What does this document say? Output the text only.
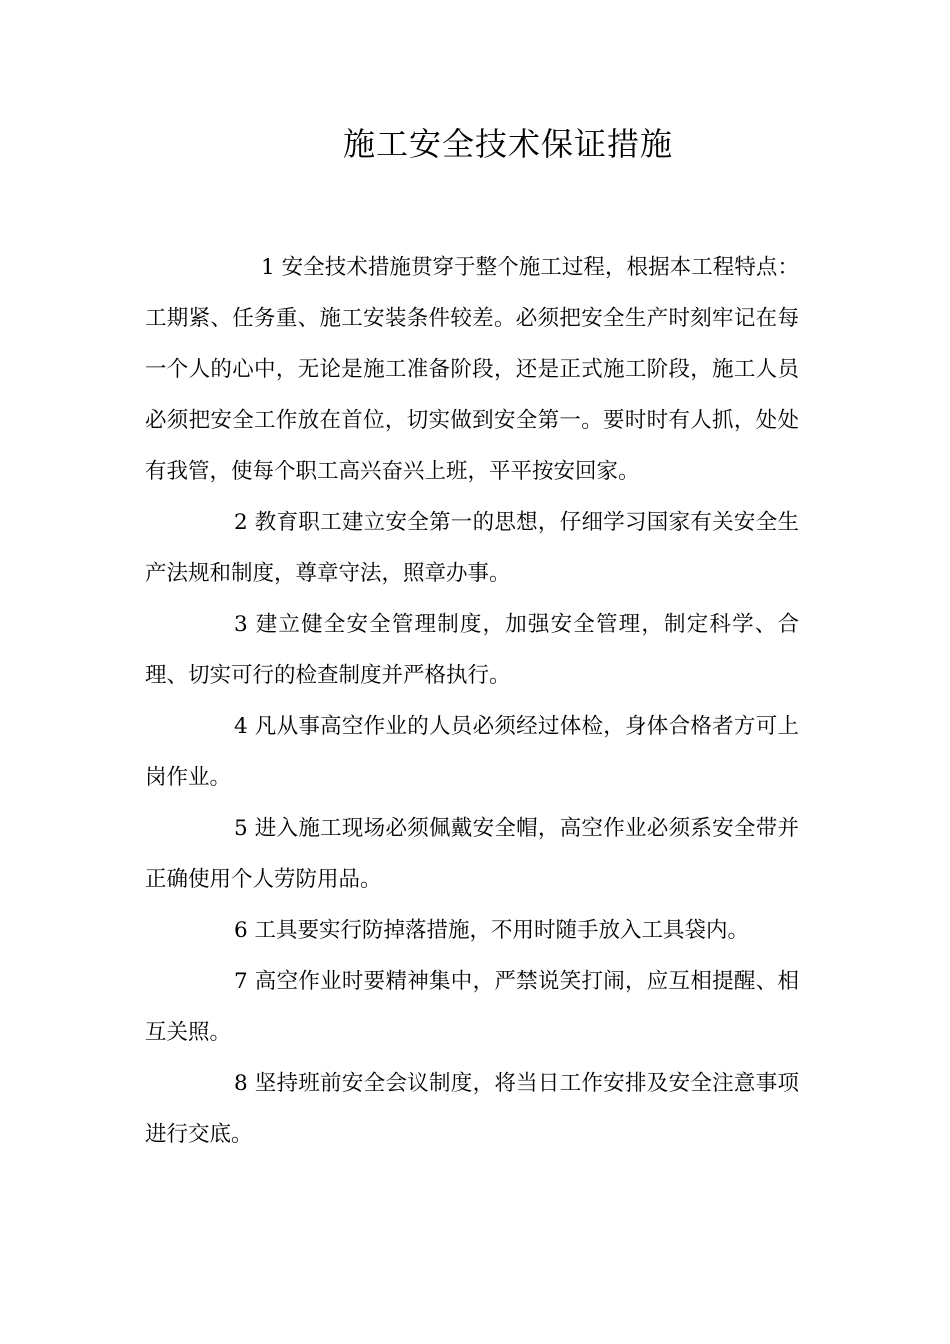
施工安全技术保证措施

1 安全技术措施贯穿于整个施工过程，根据本工程特点：工期紧、任务重、施工安装条件较差。必须把安全生产时刻牢记在每一个人的心中，无论是施工准备阶段，还是正式施工阶段，施工人员必须把安全工作放在首位，切实做到安全第一。要时时有人抓，处处有我管，使每个职工高兴奋兴上班，平平按安回家。

2 教育职工建立安全第一的思想，仔细学习国家有关安全生产法规和制度，尊章守法，照章办事。

3 建立健全安全管理制度，加强安全管理，制定科学、合理、切实可行的检查制度并严格执行。

4 凡从事高空作业的人员必须经过体检，身体合格者方可上岗作业。

5 进入施工现场必须佩戴安全帽，高空作业必须系安全带并正确使用个人劳防用品。

6 工具要实行防掉落措施，不用时随手放入工具袋内。

7 高空作业时要精神集中，严禁说笑打闹，应互相提醒、相互关照。

8 坚持班前安全会议制度，将当日工作安排及安全注意事项进行交底。
